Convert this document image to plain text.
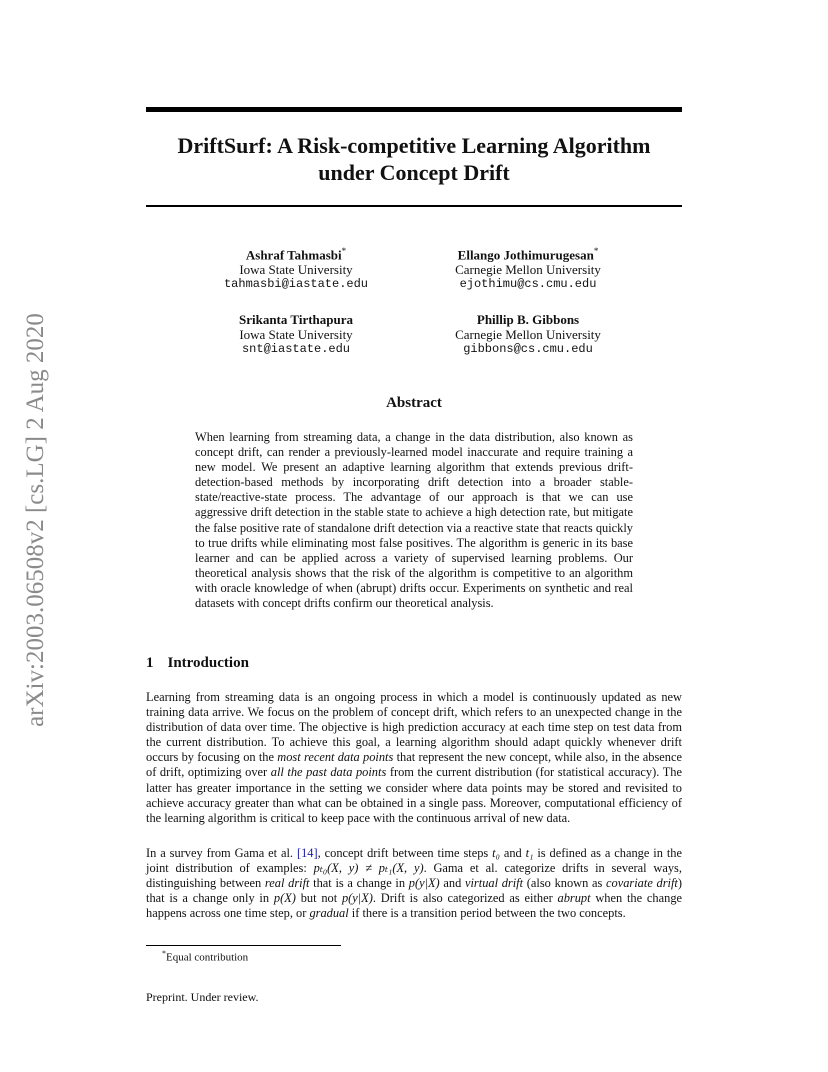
arXiv:2003.06508v2 [cs.LG] 2 Aug 2020
DriftSurf: A Risk-competitive Learning Algorithm
under Concept Drift
Ashraf Tahmasbi*
Iowa State University
tahmasbi@iastate.edu
Ellango Jothimurugesan*
Carnegie Mellon University
ejothimu@cs.cmu.edu
Srikanta Tirthapura
Iowa State University
snt@iastate.edu
Phillip B. Gibbons
Carnegie Mellon University
gibbons@cs.cmu.edu
Abstract
When learning from streaming data, a change in the data distribution, also known as concept drift, can render a previously-learned model inaccurate and require training a new model. We present an adaptive learning algorithm that extends previous drift-detection-based methods by incorporating drift detection into a broader stable-state/reactive-state process. The advantage of our approach is that we can use aggressive drift detection in the stable state to achieve a high detection rate, but mitigate the false positive rate of standalone drift detection via a reactive state that reacts quickly to true drifts while eliminating most false positives. The algorithm is generic in its base learner and can be applied across a variety of supervised learning problems. Our theoretical analysis shows that the risk of the algorithm is competitive to an algorithm with oracle knowledge of when (abrupt) drifts occur. Experiments on synthetic and real datasets with concept drifts confirm our theoretical analysis.
1 Introduction
Learning from streaming data is an ongoing process in which a model is continuously updated as new training data arrive. We focus on the problem of concept drift, which refers to an unexpected change in the distribution of data over time. The objective is high prediction accuracy at each time step on test data from the current distribution. To achieve this goal, a learning algorithm should adapt quickly whenever drift occurs by focusing on the most recent data points that represent the new concept, while also, in the absence of drift, optimizing over all the past data points from the current distribution (for statistical accuracy). The latter has greater importance in the setting we consider where data points may be stored and revisited to achieve accuracy greater than what can be obtained in a single pass. Moreover, computational efficiency of the learning algorithm is critical to keep pace with the continuous arrival of new data.
In a survey from Gama et al. [14], concept drift between time steps t₀ and t₁ is defined as a change in the joint distribution of examples: pₜ₀(X, y) ≠ pₜ₁(X, y). Gama et al. categorize drifts in several ways, distinguishing between real drift that is a change in p(y|X) and virtual drift (also known as covariate drift) that is a change only in p(X) but not p(y|X). Drift is also categorized as either abrupt when the change happens across one time step, or gradual if there is a transition period between the two concepts.
*Equal contribution
Preprint. Under review.
